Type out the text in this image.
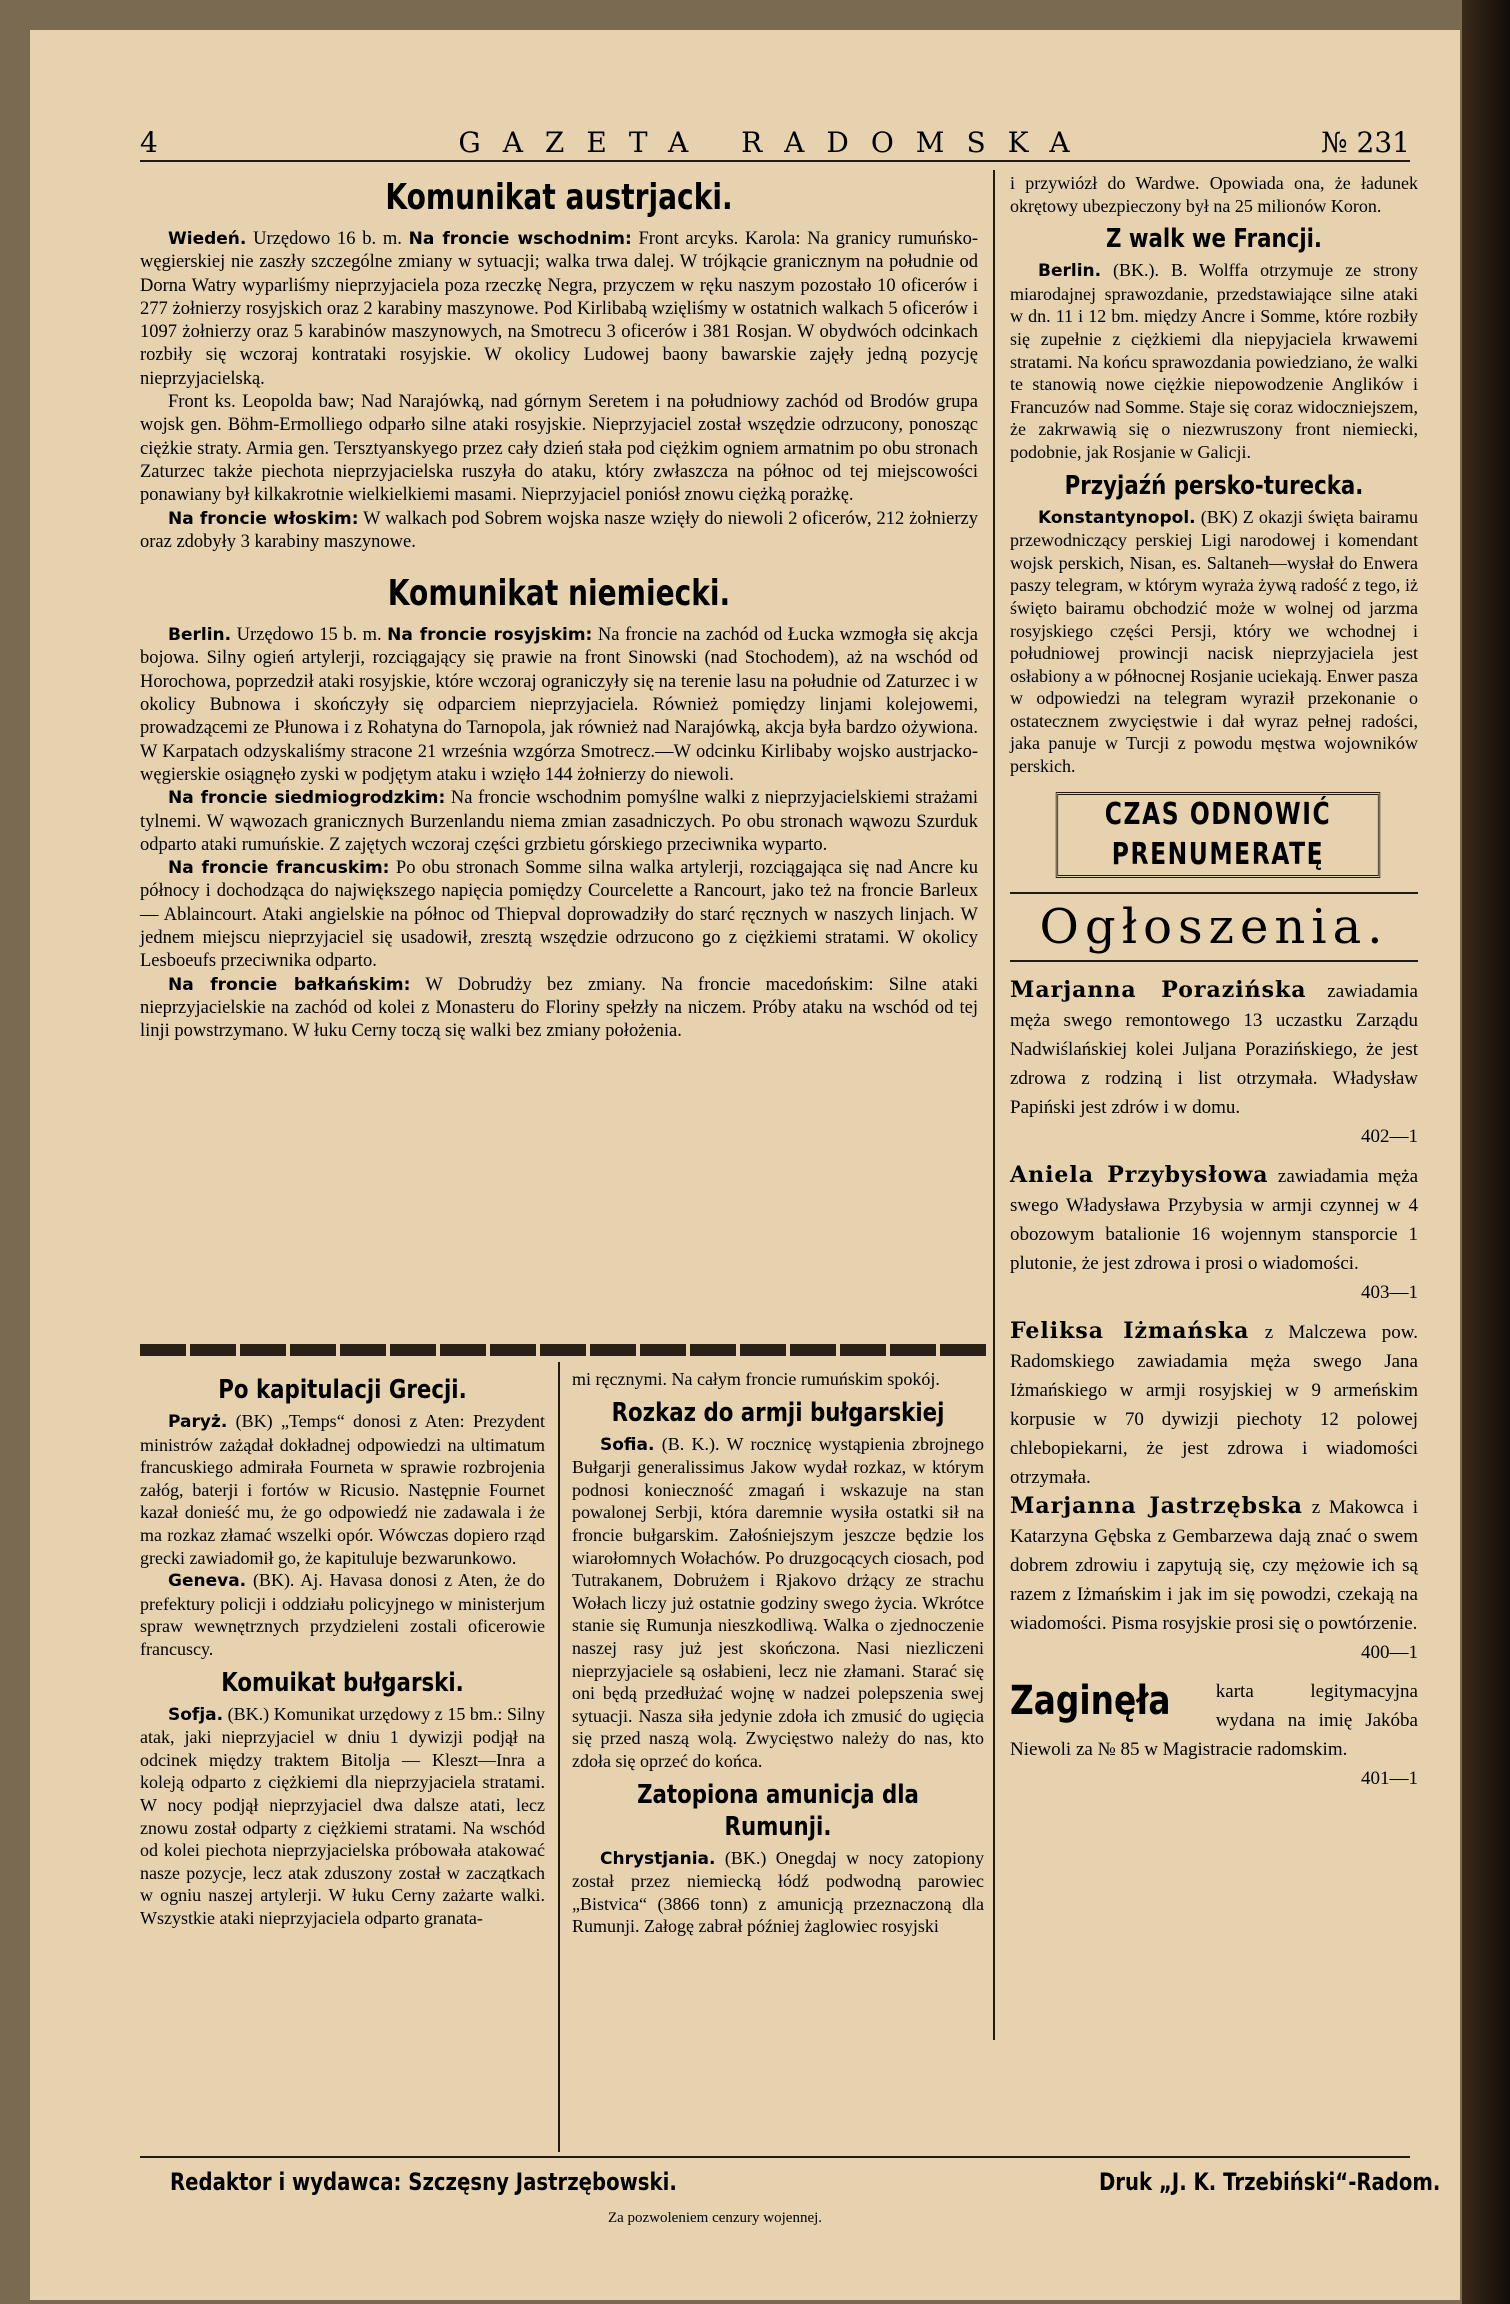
4	GAZETA RADOMSKA	№ 231
Komunikat austrjacki.

Wiedeń. Urzędowo 16 b. m. Na froncie wschodnim: Front arcyks. Karola: Na granicy rumuńsko-węgierskiej nie zaszły szczególne zmiany w sytuacji; walka trwa dalej. W trójkącie granicznym na południe od Dorna Watry wyparliśmy nieprzyjaciela poza rzeczkę Negra, przyczem w ręku naszym pozostało 10 oficerów i 277 żołnierzy rosyjskich oraz 2 karabiny maszynowe. Pod Kirlibabą wzięliśmy w ostatnich walkach 5 oficerów i 1097 żołnierzy oraz 5 karabinów maszynowych, na Smotrecu 3 oficerów i 381 Rosjan. W obydwóch odcinkach rozbiły się wczoraj kontrataki rosyjskie. W okolicy Ludowej baony bawarskie zajęły jedną pozycję nieprzyjacielską.

Front ks. Leopolda baw; Nad Narajówką, nad górnym Seretem i na południowy zachód od Brodów grupa wojsk gen. Böhm-Ermolliego odparło silne ataki rosyjskie. Nieprzyjaciel został wszędzie odrzucony, ponosząc ciężkie straty. Armia gen. Tersztyanskyego przez cały dzień stała pod ciężkim ogniem armatnim po obu stronach Zaturzec także piechota nieprzyjacielska ruszyła do ataku, który zwłaszcza na północ od tej miejscowości ponawiany był kilkakrotnie wielkielkiemi masami. Nieprzyjaciel poniósł znowu ciężką porażkę.

Na froncie włoskim: W walkach pod Sobrem wojska nasze wzięły do niewoli 2 oficerów, 212 żołnierzy oraz zdobyły 3 karabiny maszynowe.

Komunikat niemiecki.

Berlin. Urzędowo 15 b. m. Na froncie rosyjskim: Na froncie na zachód od Łucka wzmogła się akcja bojowa. Silny ogień artylerji, rozciągający się prawie na front Sinowski (nad Stochodem), aż na wschód od Horochowa, poprzedził ataki rosyjskie, które wczoraj ograniczyły się na terenie lasu na południe od Zaturzec i w okolicy Bubnowa i skończyły się odparciem nieprzyjaciela. Również pomiędzy linjami kolejowemi, prowadzącemi ze Płunowa i z Rohatyna do Tarnopola, jak również nad Narajówką, akcja była bardzo ożywiona. W Karpatach odzyskaliśmy stracone 21 września wzgórza Smotrecz.—W odcinku Kirlibaby wojsko austrjacko-węgierskie osiągnęło zyski w podjętym ataku i wzięło 144 żołnierzy do niewoli.

Na froncie siedmiogrodzkim: Na froncie wschodnim pomyślne walki z nieprzyjacielskiemi strażami tylnemi. W wąwozach granicznych Burzenlandu niema zmian zasadniczych. Po obu stronach wąwozu Szurduk odparto ataki rumuńskie. Z zajętych wczoraj części grzbietu górskiego przeciwnika wyparto.

Na froncie francuskim: Po obu stronach Somme silna walka artylerji, rozciągająca się nad Ancre ku północy i dochodząca do największego napięcia pomiędzy Courcelette a Rancourt, jako też na froncie Barleux — Ablaincourt. Ataki angielskie na północ od Thiepval doprowadziły do starć ręcznych w naszych linjach. W jednem miejscu nieprzyjaciel się usadowił, zresztą wszędzie odrzucono go z ciężkiemi stratami. W okolicy Lesboeufs przeciwnika odparto.

Na froncie bałkańskim: W Dobrudży bez zmiany. Na froncie macedońskim: Silne ataki nieprzyjacielskie na zachód od kolei z Monasteru do Floriny spełzły na niczem. Próby ataku na wschód od tej linji powstrzymano. W łuku Cerny toczą się walki bez zmiany położenia.

Po kapitulacji Grecji.

Paryż. (BK) „Temps“ donosi z Aten: Prezydent ministrów zażądał dokładnej odpowiedzi na ultimatum francuskiego admirała Fourneta w sprawie rozbrojenia załóg, baterji i fortów w Ricusio. Następnie Fournet kazał donieść mu, że go odpowiedź nie zadawala i że ma rozkaz złamać wszelki opór. Wówczas dopiero rząd grecki zawiadomił go, że kapituluje bezwarunkowo.

Geneva. (BK). Aj. Havasa donosi z Aten, że do prefektury policji i oddziału policyjnego w ministerjum spraw wewnętrznych przydzieleni zostali oficerowie francuscy.

Komuikat bułgarski.

Sofja. (BK.) Komunikat urzędowy z 15 bm.: Silny atak, jaki nieprzyjaciel w dniu 1 dywizji podjął na odcinek między traktem Bitolja — Kleszt—Inra a koleją odparto z ciężkiemi dla nieprzyjaciela stratami. W nocy podjął nieprzyjaciel dwa dalsze atati, lecz znowu został odparty z ciężkiemi stratami. Na wschód od kolei piechota nieprzyjacielska próbowała atakować nasze pozycje, lecz atak zduszony został w zaczątkach w ogniu naszej artylerji. W łuku Cerny zażarte walki. Wszystkie ataki nieprzyjaciela odparto granata-

mi ręcznymi. Na całym froncie rumuńskim spokój.

Rozkaz do armji bułgarskiej

Sofia. (B. K.). W rocznicę wystąpienia zbrojnego Bułgarji generalissimus Jakow wydał rozkaz, w którym podnosi konieczność zmagań i wskazuje na stan powalonej Serbji, która daremnie wysiła ostatki sił na froncie bułgarskim. Załośniejszym jeszcze będzie los wiarołomnych Wołachów. Po druzgocących ciosach, pod Tutrakanem, Dobrużem i Rjakovo drżący ze strachu Wołach liczy już ostatnie godziny swego życia. Wkrótce stanie się Rumunja nieszkodliwą. Walka o zjednoczenie naszej rasy już jest skończona. Nasi niezliczeni nieprzyjaciele są osłabieni, lecz nie złamani. Starać się oni będą przedłużać wojnę w nadzei polepszenia swej sytuacji. Nasza siła jedynie zdoła ich zmusić do ugięcia się przed naszą wolą. Zwycięstwo należy do nas, kto zdoła się oprzeć do końca.

Zatopiona amunicja dla Rumunji.

Chrystjania. (BK.) Onegdaj w nocy zatopiony został przez niemiecką łódź podwodną parowiec „Bistvica“ (3866 tonn) z amunicją przeznaczoną dla Rumunji. Załogę zabrał później żaglowiec rosyjski

i przywiózł do Wardwe. Opowiada ona, że ładunek okrętowy ubezpieczony był na 25 milionów Koron.

Z walk we Francji.

Berlin. (BK.). B. Wolffa otrzymuje ze strony miarodajnej sprawozdanie, przedstawiające silne ataki w dn. 11 i 12 bm. między Ancre i Somme, które rozbiły się zupełnie z ciężkiemi dla niepyjaciela krwawemi stratami. Na końcu sprawozdania powiedziano, że walki te stanowią nowe ciężkie niepowodzenie Anglików i Francuzów nad Somme. Staje się coraz widoczniejszem, że zakrwawią się o niezwruszony front niemiecki, podobnie, jak Rosjanie w Galicji.

Przyjaźń persko-turecka.

Konstantynopol. (BK) Z okazji święta bairamu przewodniczący perskiej Ligi narodowej i komendant wojsk perskich, Nisan, es. Saltaneh—wysłał do Enwera paszy telegram, w którym wyraża żywą radość z tego, iż święto bairamu obchodzić może w wolnej od jarzma rosyjskiego części Persji, który we wchodnej i południowej prowincji nacisk nieprzyjaciela jest osłabiony a w północnej Rosjanie uciekają. Enwer pasza w odpowiedzi na telegram wyraził przekonanie o ostatecznem zwycięstwie i dał wyraz pełnej radości, jaka panuje w Turcji z powodu męstwa wojowników perskich.

CZAS ODNOWIĆ PRENUMERATĘ
Ogłoszenia.
Marjanna Porazińska zawiadamia męża swego remontowego 13 uczastku Zarządu Nadwiślańskiej kolei Juljana Porazińskiego, że jest zdrowa z rodziną i list otrzymała. Władysław Papiński jest zdrów i w domu.
402—1
Aniela Przybysłowa zawiadamia męża swego Władysława Przybysia w armji czynnej w 4 obozowym batalionie 16 wojennym stansporcie 1 plutonie, że jest zdrowa i prosi o wiadomości.
403—1
Feliksa Iżmańska z Malczewa pow. Radomskiego zawiadamia męża swego Jana Iżmańskiego w armji rosyjskiej w 9 armeńskim korpusie w 70 dywizji piechoty 12 polowej chlebopiekarni, że jest zdrowa i wiadomości otrzymała.
Marjanna Jastrzębska z Makowca i Katarzyna Gębska z Gembarzewa dają znać o swem dobrem zdrowiu i zapytują się, czy mężowie ich są razem z Iżmańskim i jak im się powodzi, czekają na wiadomości. Pisma rosyjskie prosi się o powtórzenie.
400—1
Zaginęła karta legitymacyjna wydana na imię Jakóba Niewoli za № 85 w Magistracie radomskim.
401—1
Redaktor i wydawca: Szczęsny Jastrzębowski.	Druk „J. K. Trzebiński“-Radom.
Za pozwoleniem cenzury wojennej.
